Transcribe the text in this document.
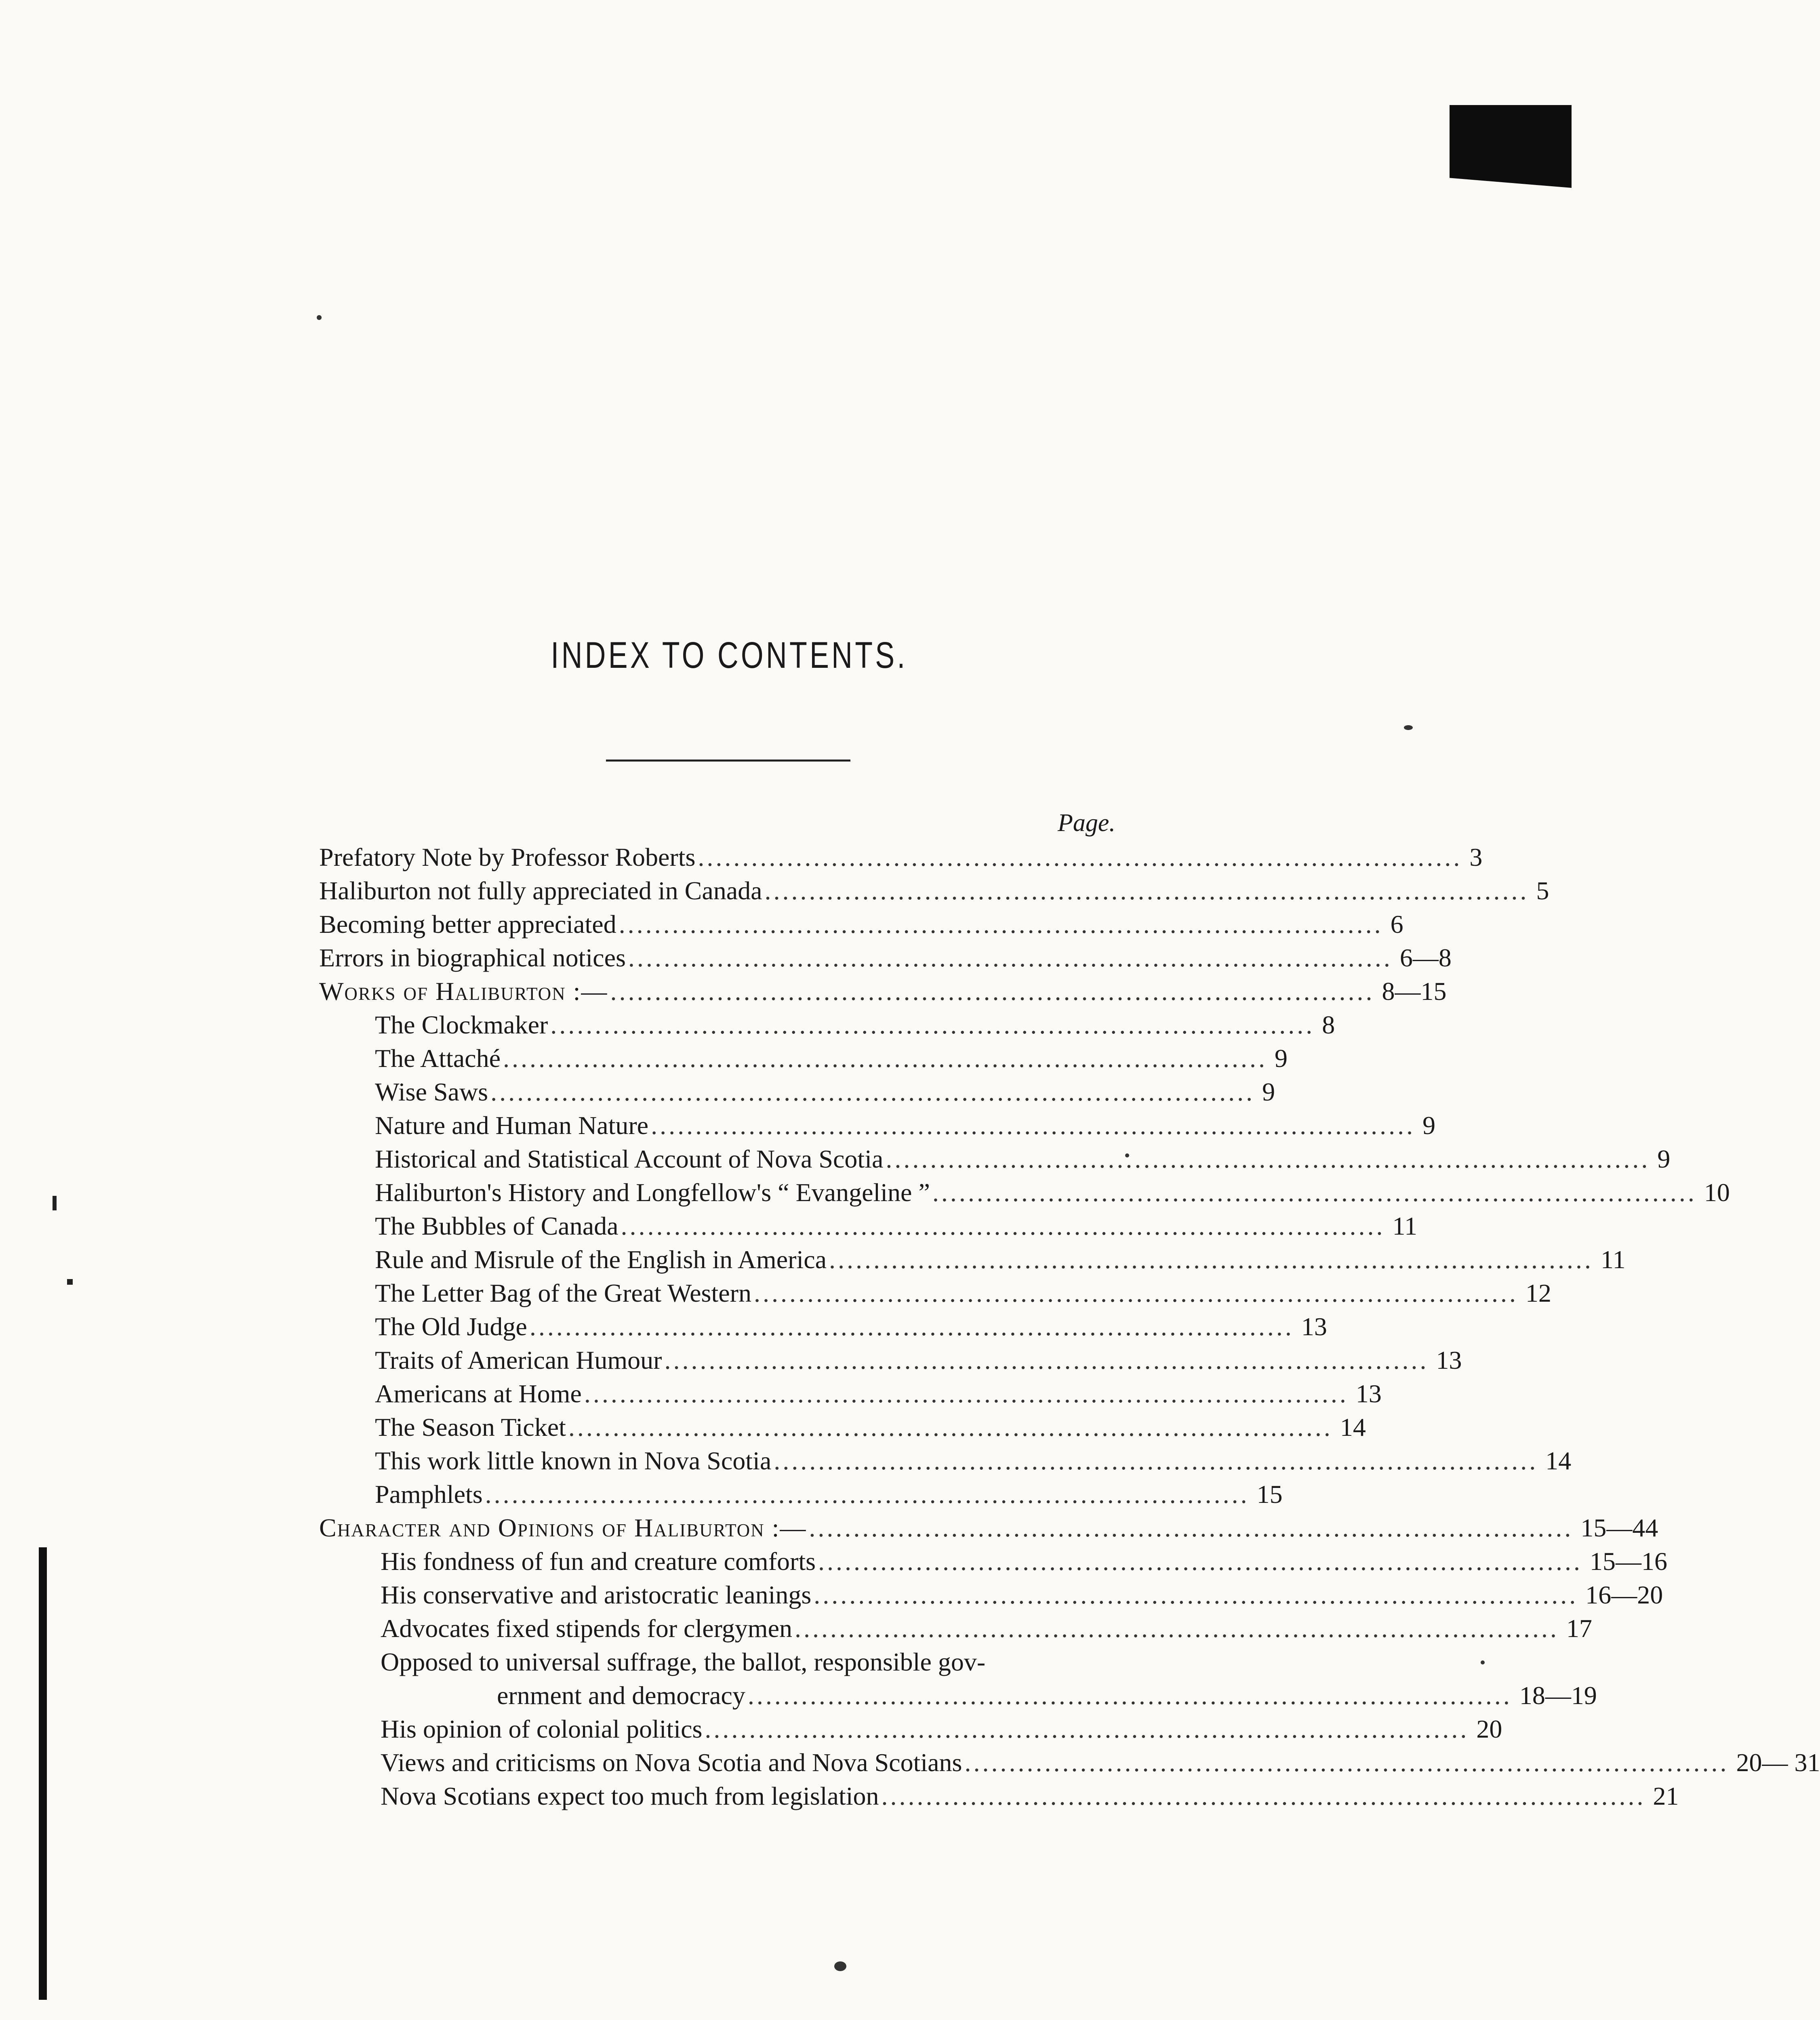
INDEX TO CONTENTS.
Page.
Prefatory Note by Professor Roberts ...................................................................................... 3
Haliburton not fully appreciated in Canada ...................................................................................... 5
Becoming better appreciated ...................................................................................... 6
Errors in biographical notices ...................................................................................... 6—8
Works of Haliburton :— ...................................................................................... 8—15
The Clockmaker ...................................................................................... 8
The Attaché ...................................................................................... 9
Wise Saws ...................................................................................... 9
Nature and Human Nature ...................................................................................... 9
Historical and Statistical Account of Nova Scotia ...................................................................................... 9
Haliburton's History and Longfellow's “ Evangeline ” ...................................................................................... 10
The Bubbles of Canada ...................................................................................... 11
Rule and Misrule of the English in America ...................................................................................... 11
The Letter Bag of the Great Western ...................................................................................... 12
The Old Judge ...................................................................................... 13
Traits of American Humour ...................................................................................... 13
Americans at Home ...................................................................................... 13
The Season Ticket ...................................................................................... 14
This work little known in Nova Scotia ...................................................................................... 14
Pamphlets ...................................................................................... 15
Character and Opinions of Haliburton :— ...................................................................................... 15—44
His fondness of fun and creature comforts ...................................................................................... 15—16
His conservative and aristocratic leanings ...................................................................................... 16—20
Advocates fixed stipends for clergymen ...................................................................................... 17
Opposed to universal suffrage, the ballot, responsible gov-
ernment and democracy ...................................................................................... 18—19
His opinion of colonial politics ...................................................................................... 20
Views and criticisms on Nova Scotia and Nova Scotians ...................................................................................... 20— 31
Nova Scotians expect too much from legislation ...................................................................................... 21
